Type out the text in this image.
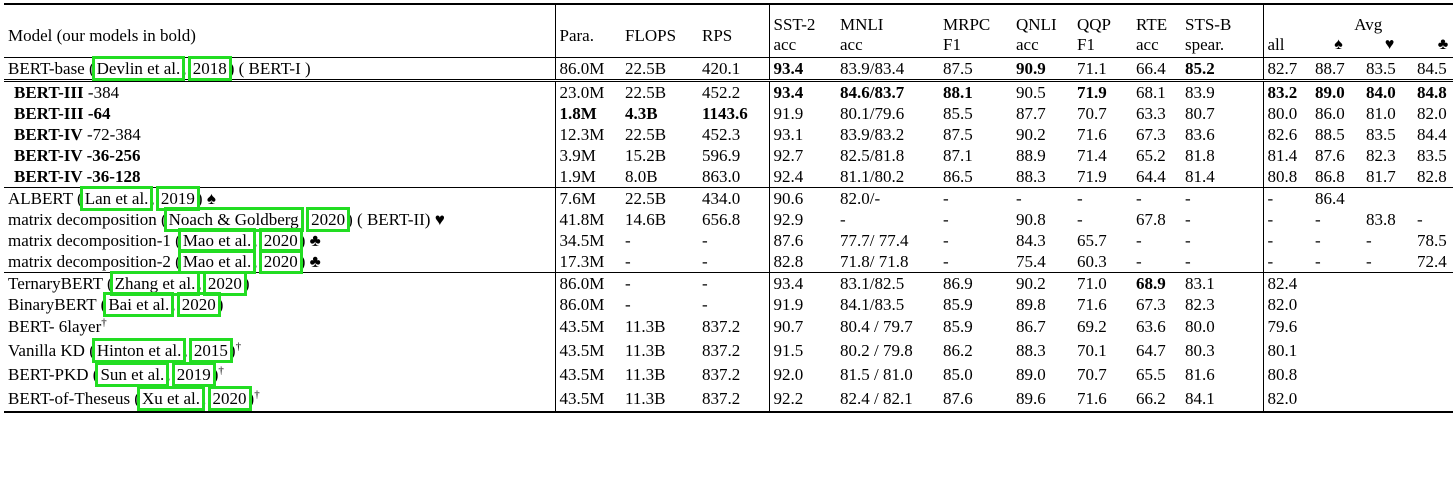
Model (our models in bold)	Para.	FLOPS	RPS	SST-2	MNLI	MRPC	QNLI	QQP	RTE	STS-B	Avg			
				acc	acc	F1	acc	F1	acc	spear.	all	♠	♥	♣
BERT-base ( Devlin et al. , 2018 ) ( BERT-I )	86.0M	22.5B	420.1	93.4	83.9/83.4	87.5	90.9	71.1	66.4	85.2	82.7	88.7	83.5	84.5
BERT-III -384	23.0M	22.5B	452.2	93.4	84.6/83.7	88.1	90.5	71.9	68.1	83.9	83.2	89.0	84.0	84.8
BERT-III -64	1.8M	4.3B	1143.6	91.9	80.1/79.6	85.5	87.7	70.7	63.3	80.7	80.0	86.0	81.0	82.0
BERT-IV -72-384	12.3M	22.5B	452.3	93.1	83.9/83.2	87.5	90.2	71.6	67.3	83.6	82.6	88.5	83.5	84.4
BERT-IV -36-256	3.9M	15.2B	596.9	92.7	82.5/81.8	87.1	88.9	71.4	65.2	81.8	81.4	87.6	82.3	83.5
BERT-IV -36-128	1.9M	8.0B	863.0	92.4	81.1/80.2	86.5	88.3	71.9	64.4	81.4	80.8	86.8	81.7	82.8
ALBERT ( Lan et al. , 2019 ) ♠	7.6M	22.5B	434.0	90.6	82.0/-	-	-	-	-	-	-	86.4		
matrix decomposition ( Noach & Goldberg , 2020 ) ( BERT-II) ♥	41.8M	14.6B	656.8	92.9	-	-	90.8	-	67.8	-	-	-	83.8	-
matrix decomposition-1 ( Mao et al. , 2020 ) ♣	34.5M	-	-	87.6	77.7/ 77.4	-	84.3	65.7	-	-	-	-	-	78.5
matrix decomposition-2 ( Mao et al. , 2020 ) ♣	17.3M	-	-	82.8	71.8/ 71.8	-	75.4	60.3	-	-	-	-	-	72.4
TernaryBERT ( Zhang et al. , 2020 )	86.0M	-	-	93.4	83.1/82.5	86.9	90.2	71.0	68.9	83.1	82.4			
BinaryBERT ( Bai et al. , 2020 )	86.0M	-	-	91.9	84.1/83.5	85.9	89.8	71.6	67.3	82.3	82.0			
BERT- 6layer†	43.5M	11.3B	837.2	90.7	80.4 / 79.7	85.9	86.7	69.2	63.6	80.0	79.6			
Vanilla KD ( Hinton et al. , 2015 )†	43.5M	11.3B	837.2	91.5	80.2 / 79.8	86.2	88.3	70.1	64.7	80.3	80.1			
BERT-PKD ( Sun et al. , 2019 )†	43.5M	11.3B	837.2	92.0	81.5 / 81.0	85.0	89.0	70.7	65.5	81.6	80.8			
BERT-of-Theseus ( Xu et al. , 2020 )†	43.5M	11.3B	837.2	92.2	82.4 / 82.1	87.6	89.6	71.6	66.2	84.1	82.0			
